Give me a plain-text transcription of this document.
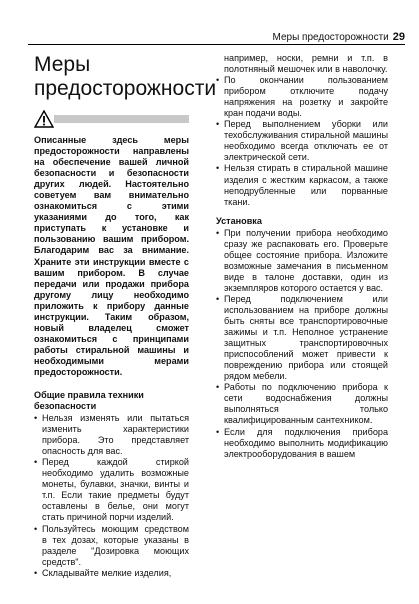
Меры предосторожности 29
Меры
предосторожности

Описанные здесь меры предосторожности направлены на обеспечение вашей личной безопасности и безопасности других людей. Настоятельно советуем вам внимательно ознакомиться с этими указаниями до того, как приступать к установке и пользованию вашим прибором. Благодарим вас за внимание. Храните эти инструкции вместе с вашим прибором. В случае передачи или продажи прибора другому лицу необходимо приложить к прибору данные инструкции. Таким образом, новый владелец сможет ознакомиться с принципами работы стиральной машины и необходимыми мерами предосторожности.

Общие правила техники безопасности
• Нельзя изменять или пытаться изменить характеристики прибора. Это представляет опасность для вас.
• Перед каждой стиркой необходимо удалить возможные монеты, булавки, значки, винты и т.п. Если такие предметы будут оставлены в белье, они могут стать причиной порчи изделий.
• Пользуйтесь моющим средством в тех дозах, которые указаны в разделе "Дозировка моющих средств".
• Складывайте мелкие изделия,
например, носки, ремни и т.п. в полотняный мешочек или в наволочку.
• По окончании пользованием прибором отключите подачу напряжения на розетку и закройте кран подачи воды.
• Перед выполнением уборки или техобслуживания стиральной машины необходимо всегда отключать ее от электрической сети.
• Нельзя стирать в стиральной машине изделия с жестким каркасом, а также неподрубленные или порванные ткани.
Установка
• При получении прибора необходимо сразу же распаковать его. Проверьте общее состояние прибора. Изложите возможные замечания в письменном виде в талоне доставки, один из экземпляров которого остается у вас.
• Перед подключением или использованием на приборе должны быть сняты все транспортировочные зажимы и т.п. Неполное устранение защитных транспортировочных приспособлений может привести к повреждению прибора или стоящей рядом мебели.
• Работы по подключению прибора к сети водоснабжения должны выполняться только квалифицированным сантехником.
• Если для подключения прибора необходимо выполнить модификацию электрооборудования в вашем
